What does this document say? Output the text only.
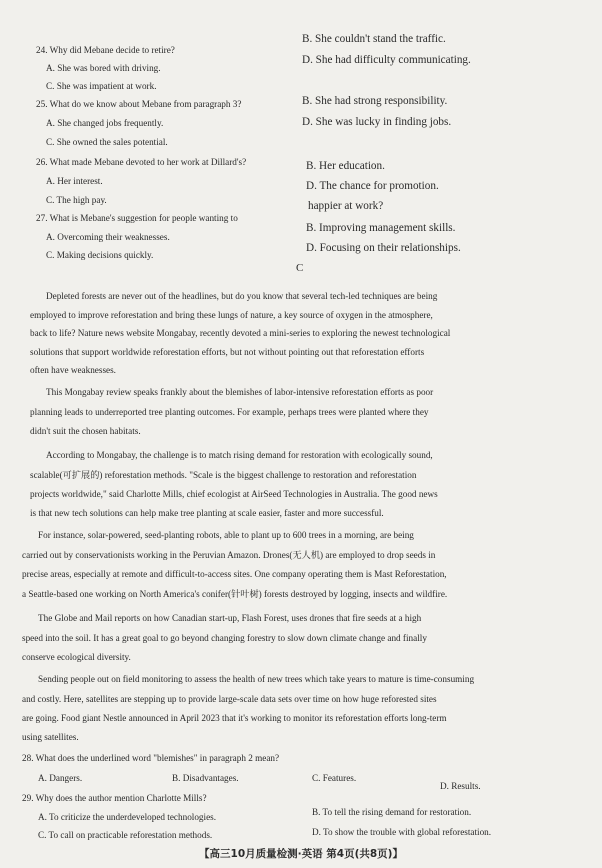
24. Why did Mebane decide to retire?
A. She was bored with driving.
C. She was impatient at work.
25. What do we know about Mebane from paragraph 3?
A. She changed jobs frequently.
C. She owned the sales potential.
26. What made Mebane devoted to her work at Dillard's?
A. Her interest.
C. The high pay.
27. What is Mebane's suggestion for people wanting to
A. Overcoming their weaknesses.
C. Making decisions quickly.
B. She couldn't stand the traffic.
D. She had difficulty communicating.
B. She had strong responsibility.
D. She was lucky in finding jobs.
B. Her education.
D. The chance for promotion.
happier at work?
B. Improving management skills.
D. Focusing on their relationships.
C
Depleted forests are never out of the headlines, but do you know that several tech-led techniques are being
employed to improve reforestation and bring these lungs of nature, a key source of oxygen in the atmosphere,
back to life? Nature news website Mongabay, recently devoted a mini-series to exploring the newest technological
solutions that support worldwide reforestation efforts, but not without pointing out that reforestation efforts
often have weaknesses.
This Mongabay review speaks frankly about the blemishes of labor-intensive reforestation efforts as poor
planning leads to underreported tree planting outcomes. For example, perhaps trees were planted where they
didn't suit the chosen habitats.
According to Mongabay, the challenge is to match rising demand for restoration with ecologically sound,
scalable(可扩展的) reforestation methods. "Scale is the biggest challenge to restoration and reforestation
projects worldwide," said Charlotte Mills, chief ecologist at AirSeed Technologies in Australia. The good news
is that new tech solutions can help make tree planting at scale easier, faster and more successful.
For instance, solar-powered, seed-planting robots, able to plant up to 600 trees in a morning, are being
carried out by conservationists working in the Peruvian Amazon. Drones(无人机) are employed to drop seeds in
precise areas, especially at remote and difficult-to-access sites. One company operating them is Mast Reforestation,
a Seattle-based one working on North America's conifer(针叶树) forests destroyed by logging, insects and wildfire.
The Globe and Mail reports on how Canadian start-up, Flash Forest, uses drones that fire seeds at a high
speed into the soil. It has a great goal to go beyond changing forestry to slow down climate change and finally
conserve ecological diversity.
Sending people out on field monitoring to assess the health of new trees which take years to mature is time-consuming
and costly. Here, satellites are stepping up to provide large-scale data sets over time on how huge reforested sites
are going. Food giant Nestle announced in April 2023 that it's working to monitor its reforestation efforts long-term
using satellites.
28. What does the underlined word "blemishes" in paragraph 2 mean?
A. Dangers.	B. Disadvantages.	C. Features.
D. Results.
29. Why does the author mention Charlotte Mills?
A. To criticize the underdeveloped technologies.	B. To tell the rising demand for restoration.
C. To call on practicable reforestation methods.	D. To show the trouble with global reforestation.
【高三10月质量检测·英语 第4页(共8页)】
